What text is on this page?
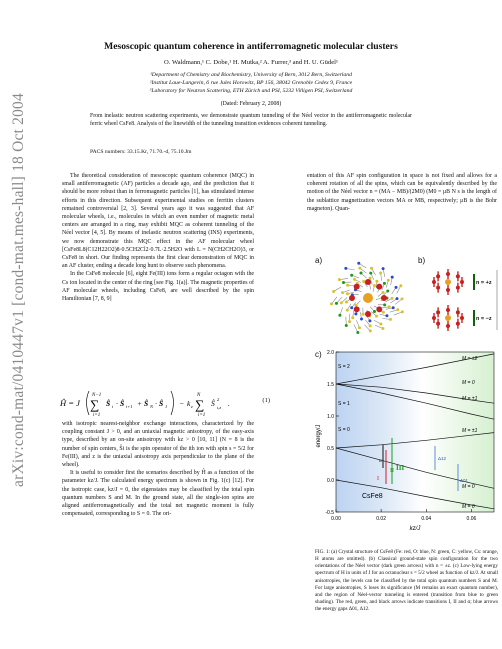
arXiv:cond-mat/0410447v1 [cond-mat.mes-hall] 18 Oct 2004
Mesoscopic quantum coherence in antiferromagnetic molecular clusters
O. Waldmann,¹ C. Dobe,¹ H. Mutka,² A. Furrer,³ and H. U. Güdel¹
¹Department of Chemistry and Biochemistry, University of Bern, 3012 Bern, Switzerland
²Institut Laue-Langevin, 6 rue Jules Horowitz, BP 156, 38042 Grenoble Cedex 9, France
³Laboratory for Neutron Scattering, ETH Zürich and PSI, 5232 Villigen PSI, Switzerland
(Dated: February 2, 2008)
From inelastic neutron scattering experiments, we demonstrate quantum tunneling of the Néel vector in the antiferromagnetic molecular ferric wheel CsFe8. Analysis of the linewidth of the tunneling transition evidences coherent tunneling.
PACS numbers: 33.15.Kr, 71.70.-d, 75.10.Jm

The theoretical consideration of mesoscopic quantum coherence (MQC) in small antiferromagnetic (AF) particles a decade ago, and the prediction that it should be more robust than in ferromagnetic particles [1], has stimulated intense efforts in this direction. Subsequent experimental studies on ferritin clusters remained controversial [2, 3]. Several years ago it was suggested that AF molecular wheels, i.e., molecules in which an even number of magnetic metal centers are arranged in a ring, may exhibit MQC as coherent tunneling of the Néel vector [4, 5]. By means of inelastic neutron scattering (INS) experiments, we now demonstrate this MQC effect in the AF molecular wheel [CsFe8L8(C12H22O2)8·0.5CH2Cl2·0.7L·2.5H2O with L = N(CH2CH2O)3, or CsFe8 in short. Our finding represents the first clear demonstration of MQC in an AF cluster, ending a decade long hunt to observe such phenomena.

In the CsFe8 molecule [6], eight Fe(III) ions form a regular octagon with the Cs ion located in the center of the ring [see Fig. 1(a)]. The magnetic properties of AF molecular wheels, including CsFe8, are well described by the spin Hamiltonian [7, 8, 9]

Ĥ = J
N−1
∑
i=1
Ŝ i · Ŝ i+1 + Ŝ N · Ŝ 1 − k z
N
∑
i=1
Ŝ 2
i,z .	(1)

with isotropic nearest-neighbor exchange interactions, characterized by the coupling constant J > 0, and an uniaxial magnetic anisotropy, of the easy-axis type, described by an on-site anisotropy with kz > 0 [10, 11] (N = 8 is the number of spin centers, Ŝi is the spin operator of the ith ion with spin s = 5/2 for Fe(III), and z is the uniaxial anisotropy axis perpendicular to the plane of the wheel).

It is useful to consider first the scenarios described by Ĥ as a function of the parameter kz/J. The calculated energy spectrum is shown in Fig. 1(c) [12]. For the isotropic case, kz/J = 0, the eigenstates may be classified by the total spin quantum numbers S and M. In the ground state, all the single-ion spins are aligned antiferromagnetically and the total net magnetic moment is fully compensated, corresponding to S = 0. The ori-

entation of this AF spin configuration in space is not fixed and allows for a coherent rotation of all the spins, which can be equivalently described by the motion of the Néel vector n = (MA − MB)/(2M0) (M0 = μB N s is the length of the sublattice magnetization vectors MA or MB, respectively; μB is the Bohr magneton). Quan-

a)	b)
n = +z
n = −z
c)
0.00	0.02	0.04	0.06
-0.5
0.0
0.5
1.0
1.5
2.0
energy/J
kz/J
S = 2
S = 1
S = 0
M = ±2
M = 0
M = ±1
M = ±1
M = 0
M = 0
CsFe8
III
II
I
α
Δ12
Δ01
FIG. 1: (a) Crystal structure of CsFe8 (Fe: red, O: blue, N: green, C: yellow, Cs: orange, H atoms are omitted). (b) Classical ground-state spin configuration for the two orientations of the Néel vector (dark green arrows) with n = ±z. (c) Low-lying energy spectrum of H in units of J for an octanuclear s = 5/2 wheel as function of kz/J. At small anisotropies, the levels can be classified by the total spin quantum numbers S and M. For large anisotropies, S loses its significance (M remains an exact quantum number), and the region of Néel-vector tunneling is entered (transition from blue to green shading). The red, green, and black arrows indicate transitions I, II and α; blue arrows the energy gaps Δ01, Δ12.
